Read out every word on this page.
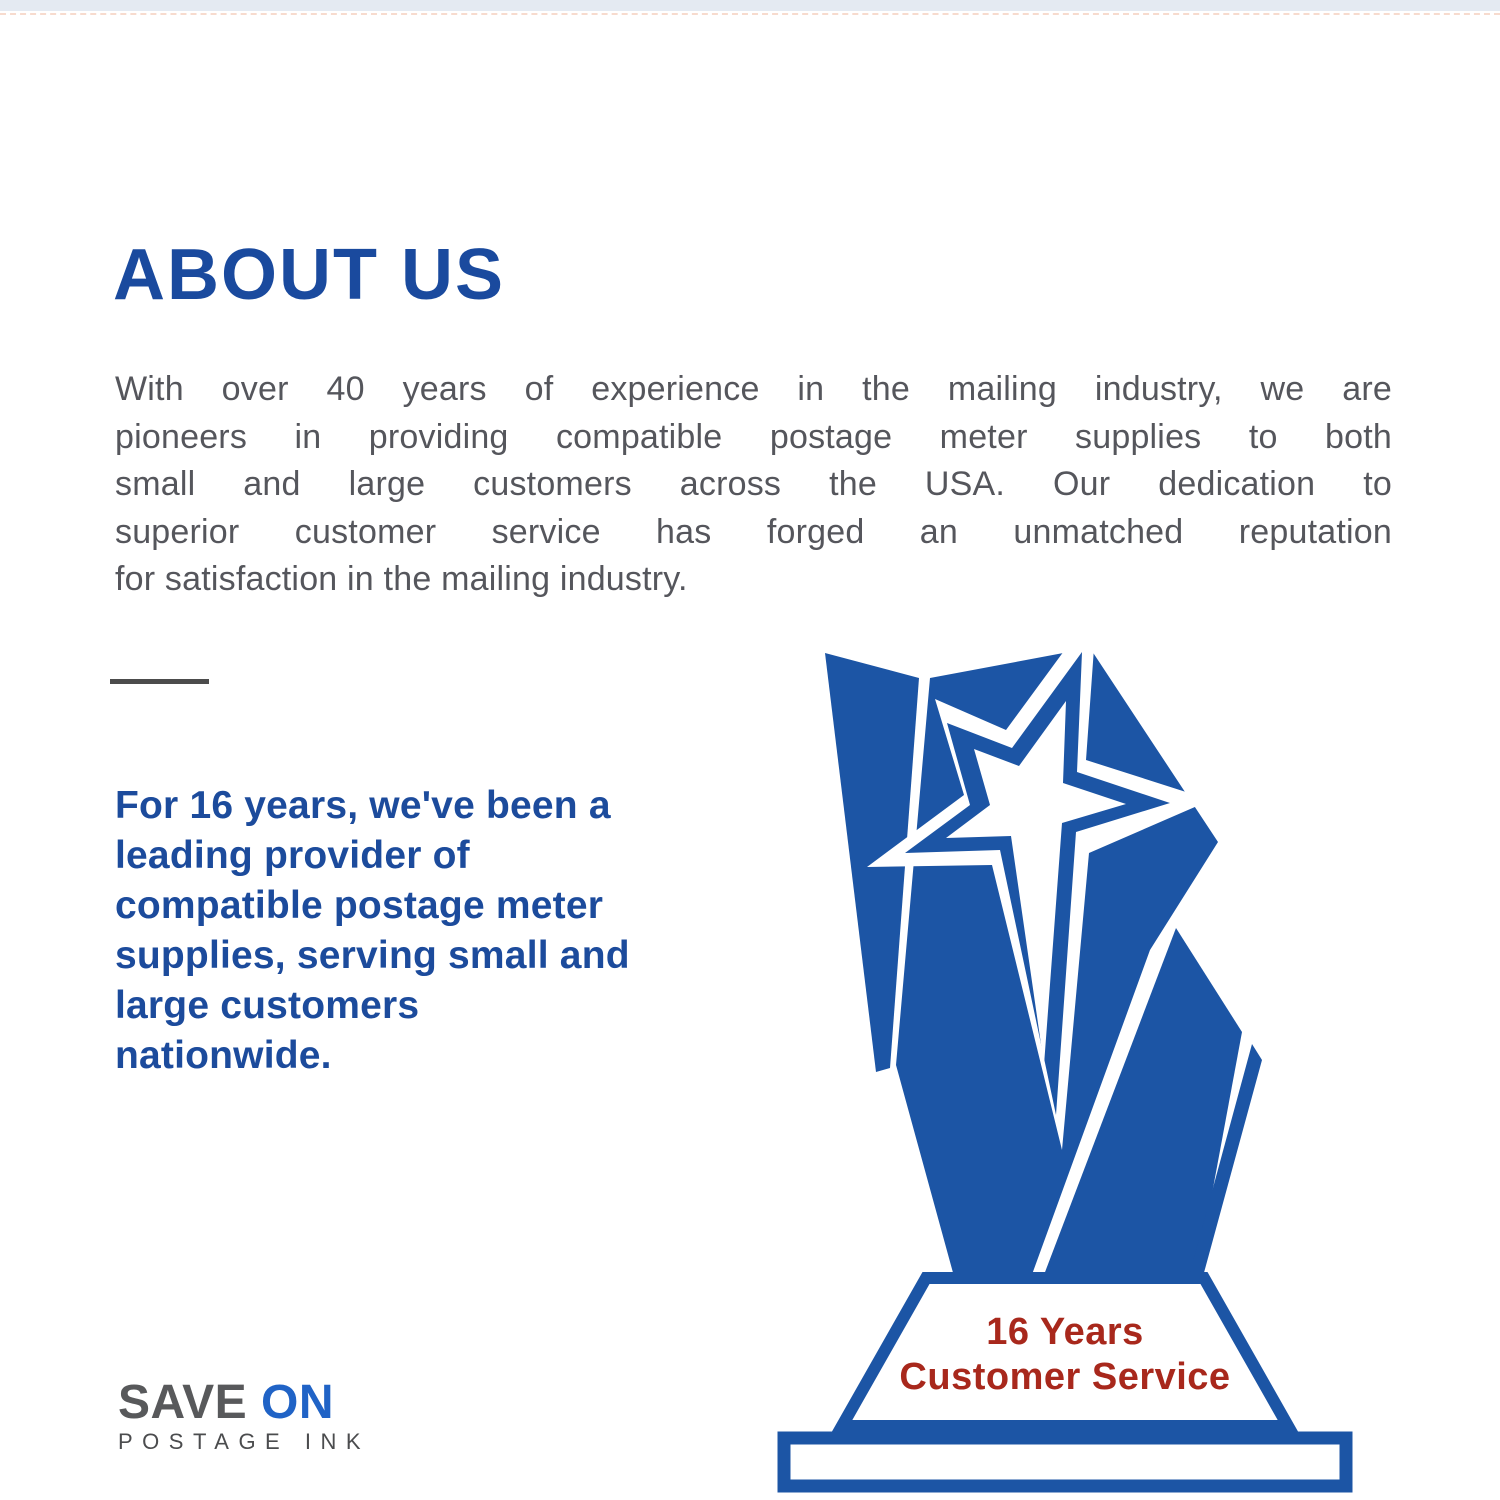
ABOUT US
With over 40 years of experience in the mailing industry, we are
pioneers in providing compatible postage meter supplies to both
small and large customers across the USA. Our dedication to
superior customer service has forged an unmatched reputation
for satisfaction in the mailing industry.
For 16 years, we've been a
leading provider of
compatible postage meter
supplies, serving small and
large customers
nationwide.
16 Years
Customer Service
SAVE ON
POSTAGE INK
